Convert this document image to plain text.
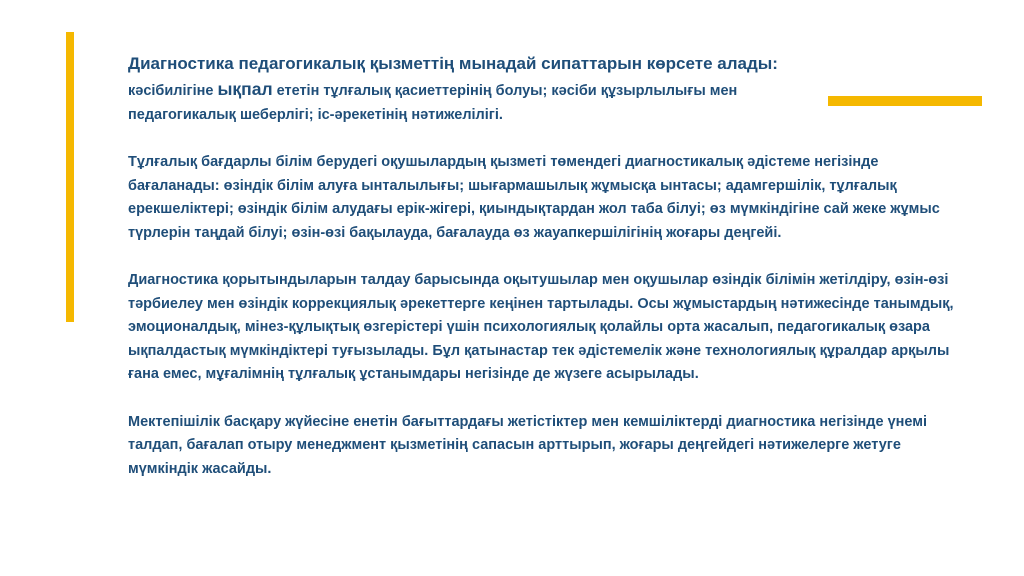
Диагностика педагогикалық қызметтің мынадай сипаттарын көрсете алады:

кәсібилігіне ықпал ететін тұлғалық қасиеттерінің болуы; кәсіби құзырлылығы мен педагогикалық шеберлігі; іс-әрекетінің нәтижелілігі.

Тұлғалық бағдарлы білім берудегі оқушылардың қызметі төмендегі диагностикалық әдістеме негізінде бағаланады: өзіндік білім алуға ынталылығы; шығармашылық жұмысқа ынтасы; адамгершілік, тұлғалық ерекшеліктері; өзіндік білім алудағы ерік-жігері, қиындықтардан жол таба білуі; өз мүмкіндігіне сай жеке жұмыс түрлерін таңдай білуі; өзін-өзі бақылауда, бағалауда өз жауапкершілігінің жоғары деңгейі.

Диагностика қорытындыларын талдау барысында оқытушылар мен оқушылар өзіндік білімін жетілдіру, өзін-өзі тәрбиелеу мен өзіндік коррекциялық әрекеттерге кеңінен тартылады. Осы жұмыстардың нәтижесінде танымдық, эмоционалдық, мінез-құлықтық өзгерістері үшін психологиялық қолайлы орта жасалып, педагогикалық өзара ықпалдастық мүмкіндіктері туғызылады. Бұл қатынастар тек әдістемелік және технологиялық құралдар арқылы ғана емес, мұғалімнің тұлғалық ұстанымдары негізінде де жүзеге асырылады.

Мектепішілік басқару жүйесіне енетін бағыттардағы жетістіктер мен кемшіліктерді диагностика негізінде үнемі талдап, бағалап отыру менеджмент қызметінің сапасын арттырып, жоғары деңгейдегі нәтижелерге жетуге мүмкіндік жасайды.
